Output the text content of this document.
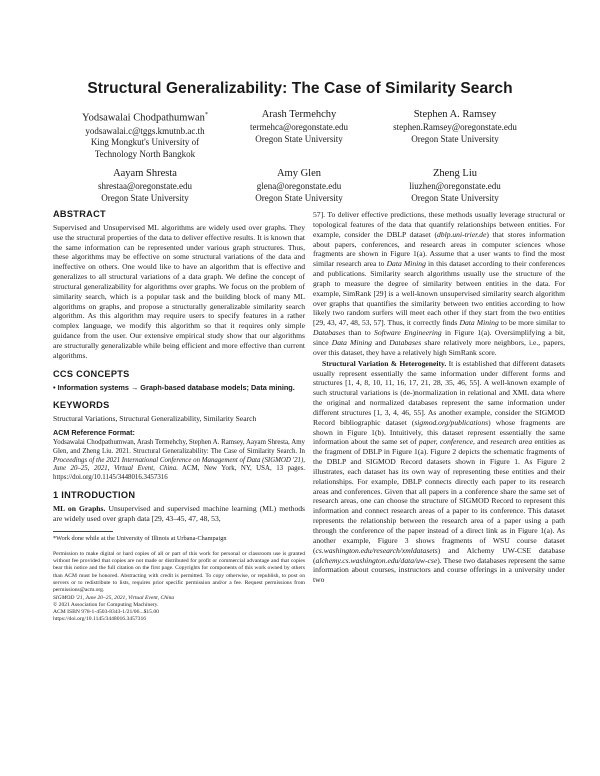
Structural Generalizability: The Case of Similarity Search
Yodsawalai Chodpathumwan*
yodsawalai.c@tggs.kmutnb.ac.th
King Mongkut's University of Technology North Bangkok
Arash Termehchy
termehca@oregonstate.edu
Oregon State University
Stephen A. Ramsey
stephen.Ramsey@oregonstate.edu
Oregon State University
Aayam Shresta
shrestaa@oregonstate.edu
Oregon State University
Amy Glen
glena@oregonstate.edu
Oregon State University
Zheng Liu
liuzhen@oregonstate.edu
Oregon State University
ABSTRACT

Supervised and Unsupervised ML algorithms are widely used over graphs. They use the structural properties of the data to deliver effective results. It is known that the same information can be represented under various graph structures. Thus, these algorithms may be effective on some structural variations of the data and ineffective on others. One would like to have an algorithm that is effective and generalizes to all structural variations of a data graph. We define the concept of structural generalizability for algorithms over graphs. We focus on the problem of similarity search, which is a popular task and the building block of many ML algorithms on graphs, and propose a structurally generalizable similarity search algorithm. As this algorithm may require users to specify features in a rather complex language, we modify this algorithm so that it requires only simple guidance from the user. Our extensive empirical study show that our algorithms are structurally generalizable while being efficient and more effective than current algorithms.

CCS CONCEPTS

• Information systems → Graph-based database models; Data mining.

KEYWORDS

Structural Variations, Structural Generalizability, Similarity Search

ACM Reference Format:

Yodsawalai Chodpathumwan, Arash Termehchy, Stephen A. Ramsey, Aayam Shresta, Amy Glen, and Zheng Liu. 2021. Structural Generalizability: The Case of Similarity Search. In Proceedings of the 2021 International Conference on Management of Data (SIGMOD '21), June 20–25, 2021, Virtual Event, China. ACM, New York, NY, USA, 13 pages. https://doi.org/10.1145/3448016.3457316

1 INTRODUCTION

ML on Graphs. Unsupervised and supervised machine learning (ML) methods are widely used over graph data [29, 43–45, 47, 48, 53,

*Work done while at the University of Illinois at Urbana-Champaign
Permission to make digital or hard copies of all or part of this work for personal or classroom use is granted without fee provided that copies are not made or distributed for profit or commercial advantage and that copies bear this notice and the full citation on the first page. Copyrights for components of this work owned by others than ACM must be honored. Abstracting with credit is permitted. To copy otherwise, or republish, to post on servers or to redistribute to lists, requires prior specific permission and/or a fee. Request permissions from permissions@acm.org.
SIGMOD '21, June 20–25, 2021, Virtual Event, China
© 2021 Association for Computing Machinery.
ACM ISBN 978-1-4503-8343-1/21/06...$15.00
https://doi.org/10.1145/3448016.3457316

57]. To deliver effective predictions, these methods usually leverage structural or topological features of the data that quantify relationships between entities. For example, consider the DBLP dataset (dblp.uni-trier.de) that stores information about papers, conferences, and research areas in computer sciences whose fragments are shown in Figure 1(a). Assume that a user wants to find the most similar research area to Data Mining in this dataset according to their conferences and publications. Similarity search algorithms usually use the structure of the graph to measure the degree of similarity between entities in the data. For example, SimRank [29] is a well-known unsupervised similarity search algorithm over graphs that quantifies the similarity between two entities according to how likely two random surfers will meet each other if they start from the two entities [29, 43, 47, 48, 53, 57]. Thus, it correctly finds Data Mining to be more similar to Databases than to Software Engineering in Figure 1(a). Oversimplifying a bit, since Data Mining and Databases share relatively more neighbors, i.e., papers, over this dataset, they have a relatively high SimRank score.

Structural Variation & Heterogeneity. It is established that different datasets usually represent essentially the same information under different forms and structures [1, 4, 8, 10, 11, 16, 17, 21, 28, 35, 46, 55]. A well-known example of such structural variations is (de-)normalization in relational and XML data where the original and normalized databases represent the same information under different structures [1, 3, 4, 46, 55]. As another example, consider the SIGMOD Record bibliographic dataset (sigmod.org/publications) whose fragments are shown in Figure 1(b). Intuitively, this dataset represent essentially the same information about the same set of paper, conference, and research area entities as the fragment of DBLP in Figure 1(a). Figure 2 depicts the schematic fragments of the DBLP and SIGMOD Record datasets shown in Figure 1. As Figure 2 illustrates, each dataset has its own way of representing these entities and their relationships. For example, DBLP connects directly each paper to its research areas and conferences. Given that all papers in a conference share the same set of research areas, one can choose the structure of SIGMOD Record to represent this information and connect research areas of a paper to its conference. This dataset represents the relationship between the research area of a paper using a path through the conference of the paper instead of a direct link as in Figure 1(a). As another example, Figure 3 shows fragments of WSU course dataset (cs.washington.edu/research/xmldatasets) and Alchemy UW-CSE database (alchemy.cs.washington.edu/data/uw-cse). These two databases represent the same information about courses, instructors and course offerings in a university under two
